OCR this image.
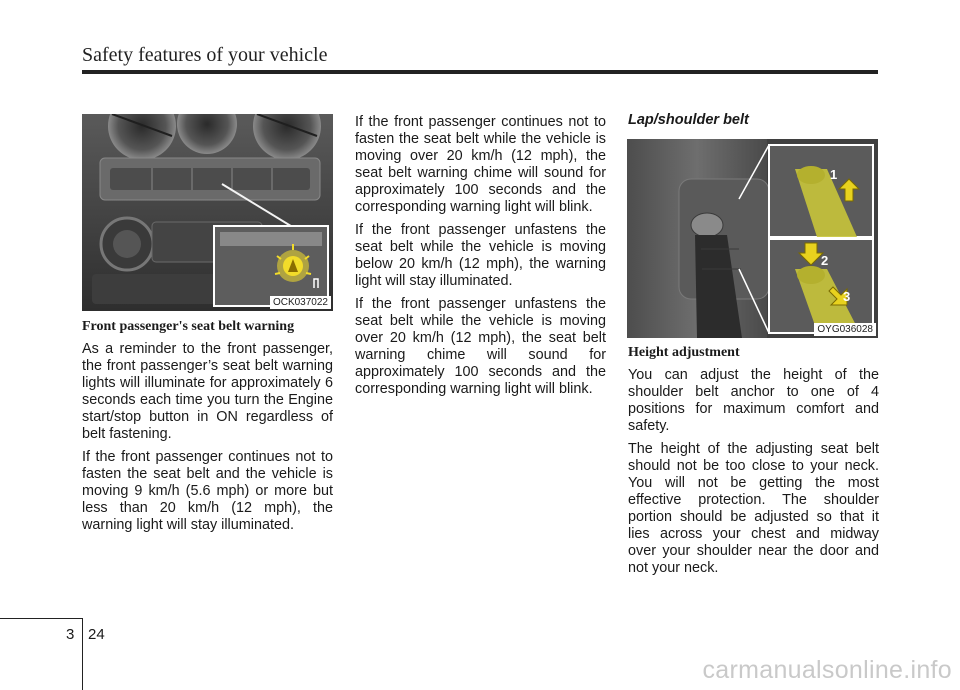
Safety features of your vehicle
OCK037022
Front passenger's seat belt warning

As a reminder to the front passenger, the front passenger’s seat belt warning lights will illuminate for approximately 6 seconds each time you turn the Engine start/stop button in ON regardless of belt fastening.

If the front passenger continues not to fasten the seat belt and the vehicle is moving 9 km/h (5.6 mph) or more but less than 20 km/h (12 mph), the warning light will stay illuminated.

If the front passenger continues not to fasten the seat belt while the vehicle is moving over 20 km/h (12 mph), the seat belt warning chime will sound for approximately 100 seconds and the corresponding warning light will blink.

If the front passenger unfastens the seat belt while the vehicle is moving below 20 km/h (12 mph), the warning light will stay illuminated.

If the front passenger unfastens the seat belt while the vehicle is moving over 20 km/h (12 mph), the seat belt warning chime will sound for approximately 100 seconds and the corresponding warning light will blink.

Lap/shoulder belt
1
2
3
OYG036028
Height adjustment

You can adjust the height of the shoulder belt anchor to one of 4 positions for maximum comfort and safety.

The height of the adjusting seat belt should not be too close to your neck. You will not be getting the most effective protection. The shoulder portion should be adjusted so that it lies across your chest and midway over your shoulder near the door and not your neck.

3 24
carmanualsonline.info
